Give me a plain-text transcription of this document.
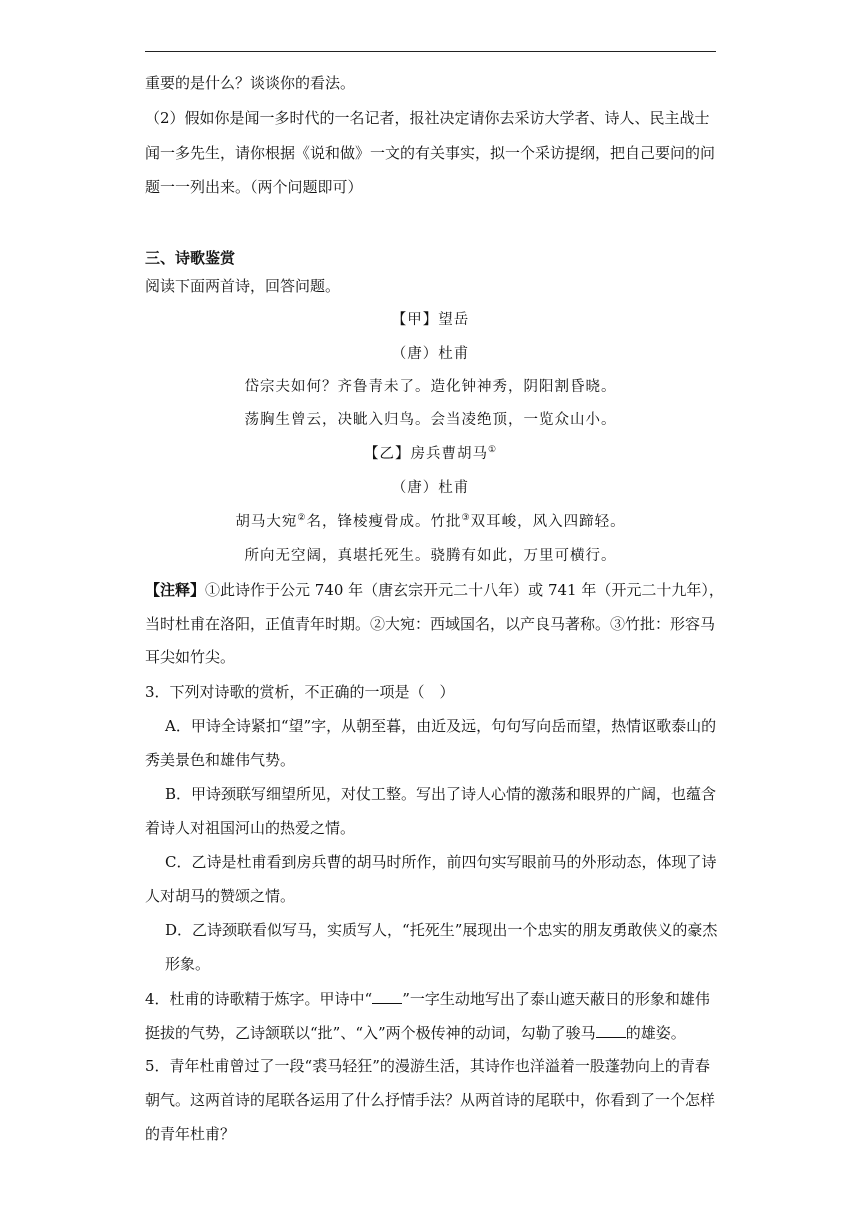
重要的是什么？谈谈你的看法。
（2）假如你是闻一多时代的一名记者，报社决定请你去采访大学者、诗人、民主战士
闻一多先生，请你根据《说和做》一文的有关事实，拟一个采访提纲，把自己要问的问
题一一列出来。（两个问题即可）
三、诗歌鉴赏
阅读下面两首诗，回答问题。
【甲】望岳
（唐）杜甫
岱宗夫如何？齐鲁青未了。造化钟神秀，阴阳割昏晓。
荡胸生曾云，决眦入归鸟。会当凌绝顶，一览众山小。
【乙】房兵曹胡马①
（唐）杜甫
胡马大宛②名，锋棱瘦骨成。竹批③双耳峻，风入四蹄轻。
所向无空阔，真堪托死生。骁腾有如此，万里可横行。
【注释】①此诗作于公元 740 年（唐玄宗开元二十八年）或 741 年（开元二十九年），
当时杜甫在洛阳，正值青年时期。②大宛：西域国名，以产良马著称。③竹批：形容马
耳尖如竹尖。
3．下列对诗歌的赏析，不正确的一项是（　）
A．甲诗全诗紧扣“望”字，从朝至暮，由近及远，句句写向岳而望，热情讴歌泰山的
秀美景色和雄伟气势。
B．甲诗颈联写细望所见，对仗工整。写出了诗人心情的激荡和眼界的广阔，也蕴含
着诗人对祖国河山的热爱之情。
C．乙诗是杜甫看到房兵曹的胡马时所作，前四句实写眼前马的外形动态，体现了诗
人对胡马的赞颂之情。
D．乙诗颈联看似写马，实质写人，“托死生”展现出一个忠实的朋友勇敢侠义的豪杰
形象。
4．杜甫的诗歌精于炼字。甲诗中“ ”一字生动地写出了泰山遮天蔽日的形象和雄伟
挺拔的气势，乙诗颔联以“批”、“入”两个极传神的动词，勾勒了骏马 的雄姿。
5．青年杜甫曾过了一段“裘马轻狂”的漫游生活，其诗作也洋溢着一股蓬勃向上的青春
朝气。这两首诗的尾联各运用了什么抒情手法？从两首诗的尾联中，你看到了一个怎样
的青年杜甫？
